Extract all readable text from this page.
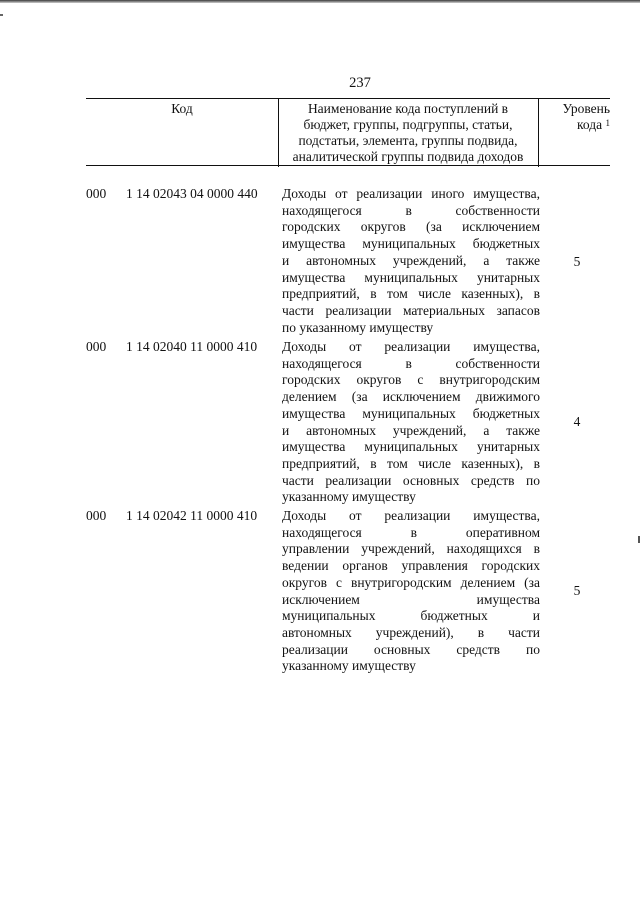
237
Код	Наименование кода поступлений в
бюджет, группы, подгруппы, статьи,
подстатьи, элемента, группы подвида,
аналитической группы подвида доходов
Уровень
кода $^1$
000 1 14 02043 04 0000 440 Доходы от реализации иного имущества,
находящегося в собственности
городских округов (за исключением
имущества муниципальных бюджетных
и автономных учреждений, а также
имущества муниципальных унитарных
предприятий, в том числе казенных), в
части реализации материальных запасов
по указанному имуществу
5
000 1 14 02040 11 0000 410 Доходы от реализации имущества,
находящегося в собственности
городских округов с внутригородским
делением (за исключением движимого
имущества муниципальных бюджетных
и автономных учреждений, а также
имущества муниципальных унитарных
предприятий, в том числе казенных), в
части реализации основных средств по
указанному имуществу
4
000 1 14 02042 11 0000 410 Доходы от реализации имущества,
находящегося в оперативном
управлении учреждений, находящихся в
ведении органов управления городских
округов с внутригородским делением (за
исключением имущества
муниципальных бюджетных и
автономных учреждений), в части
реализации основных средств по
указанному имуществу
5
